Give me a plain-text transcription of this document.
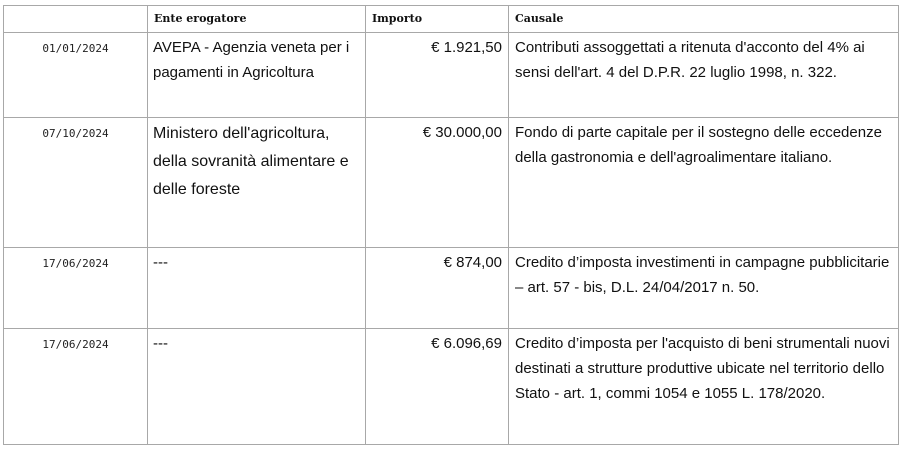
	Ente erogatore	Importo	Causale
01/01/2024	AVEPA - Agenzia veneta per i pagamenti in Agricoltura	€ 1.921,50	Contributi assoggettati a ritenuta d'acconto del 4% ai sensi dell'art. 4 del D.P.R. 22 luglio 1998, n. 322.

07/10/2024	Ministero dell'agricoltura, della sovranità alimentare e delle foreste	€ 30.000,00	Fondo di parte capitale per il sostegno delle eccedenze della gastronomia e dell'agroalimentare italiano.

17/06/2024	---	€ 874,00	Credito d’imposta investimenti in campagne pubblicitarie – art. 57 - bis, D.L. 24/04/2017 n. 50.

17/06/2024	---	€ 6.096,69	Credito d’imposta per l'acquisto di beni strumentali nuovi destinati a strutture produttive ubicate nel territorio dello Stato - art. 1, commi 1054 e 1055 L. 178/2020.
